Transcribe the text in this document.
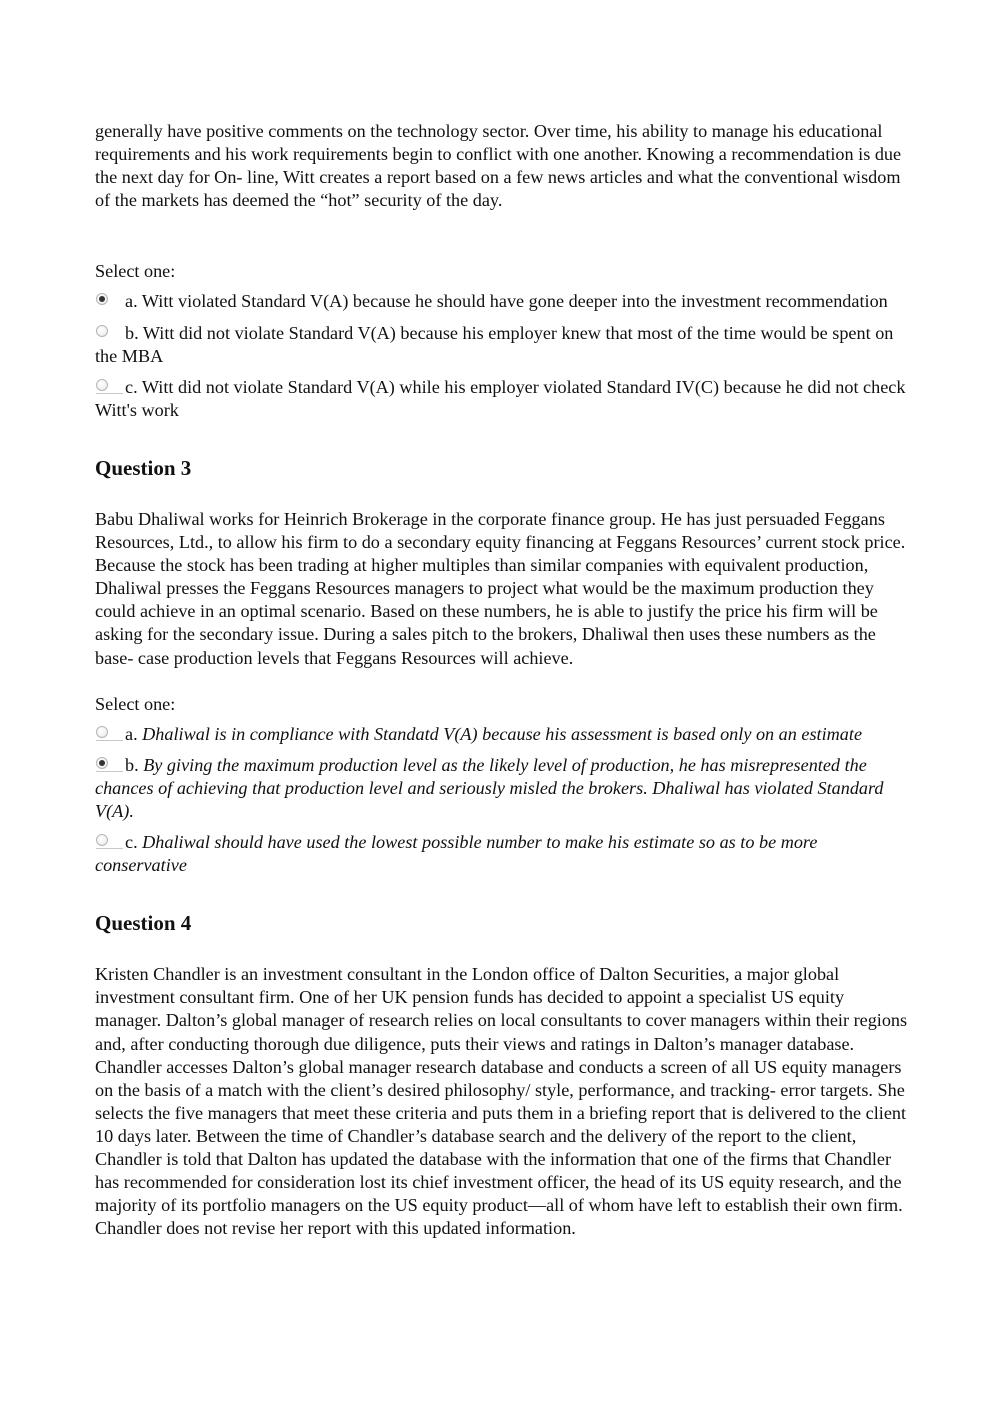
generally have positive comments on the technology sector. Over time, his ability to manage his educational requirements and his work requirements begin to conflict with one another. Knowing a recommendation is due the next day for On- line, Witt creates a report based on a few news articles and what the conventional wisdom of the markets has deemed the “hot” security of the day.

Select one:

a. Witt violated Standard V(A) because he should have gone deeper into the investment recommendation
b. Witt did not violate Standard V(A) because his employer knew that most of the time would be spent on the MBA
c. Witt did not violate Standard V(A) while his employer violated Standard IV(C) because he did not check Witt's work
Question 3

Babu Dhaliwal works for Heinrich Brokerage in the corporate finance group. He has just persuaded Feggans Resources, Ltd., to allow his firm to do a secondary equity financing at Feggans Resources’ current stock price. Because the stock has been trading at higher multiples than similar companies with equivalent production, Dhaliwal presses the Feggans Resources managers to project what would be the maximum production they could achieve in an optimal scenario. Based on these numbers, he is able to justify the price his firm will be asking for the secondary issue. During a sales pitch to the brokers, Dhaliwal then uses these numbers as the base- case production levels that Feggans Resources will achieve.

Select one:

a. Dhaliwal is in compliance with Standatd V(A) because his assessment is based only on an estimate
b. By giving the maximum production level as the likely level of production, he has misrepresented the chances of achieving that production level and seriously misled the brokers. Dhaliwal has violated Standard V(A).
c. Dhaliwal should have used the lowest possible number to make his estimate so as to be more conservative
Question 4

Kristen Chandler is an investment consultant in the London office of Dalton Securities, a major global investment consultant firm. One of her UK pension funds has decided to appoint a specialist US equity manager. Dalton’s global manager of research relies on local consultants to cover managers within their regions and, after conducting thorough due diligence, puts their views and ratings in Dalton’s manager database. Chandler accesses Dalton’s global manager research database and conducts a screen of all US equity managers on the basis of a match with the client’s desired philosophy/ style, performance, and tracking- error targets. She selects the five managers that meet these criteria and puts them in a briefing report that is delivered to the client 10 days later. Between the time of Chandler’s database search and the delivery of the report to the client, Chandler is told that Dalton has updated the database with the information that one of the firms that Chandler has recommended for consideration lost its chief investment officer, the head of its US equity research, and the majority of its portfolio managers on the US equity product—all of whom have left to establish their own firm. Chandler does not revise her report with this updated information.
